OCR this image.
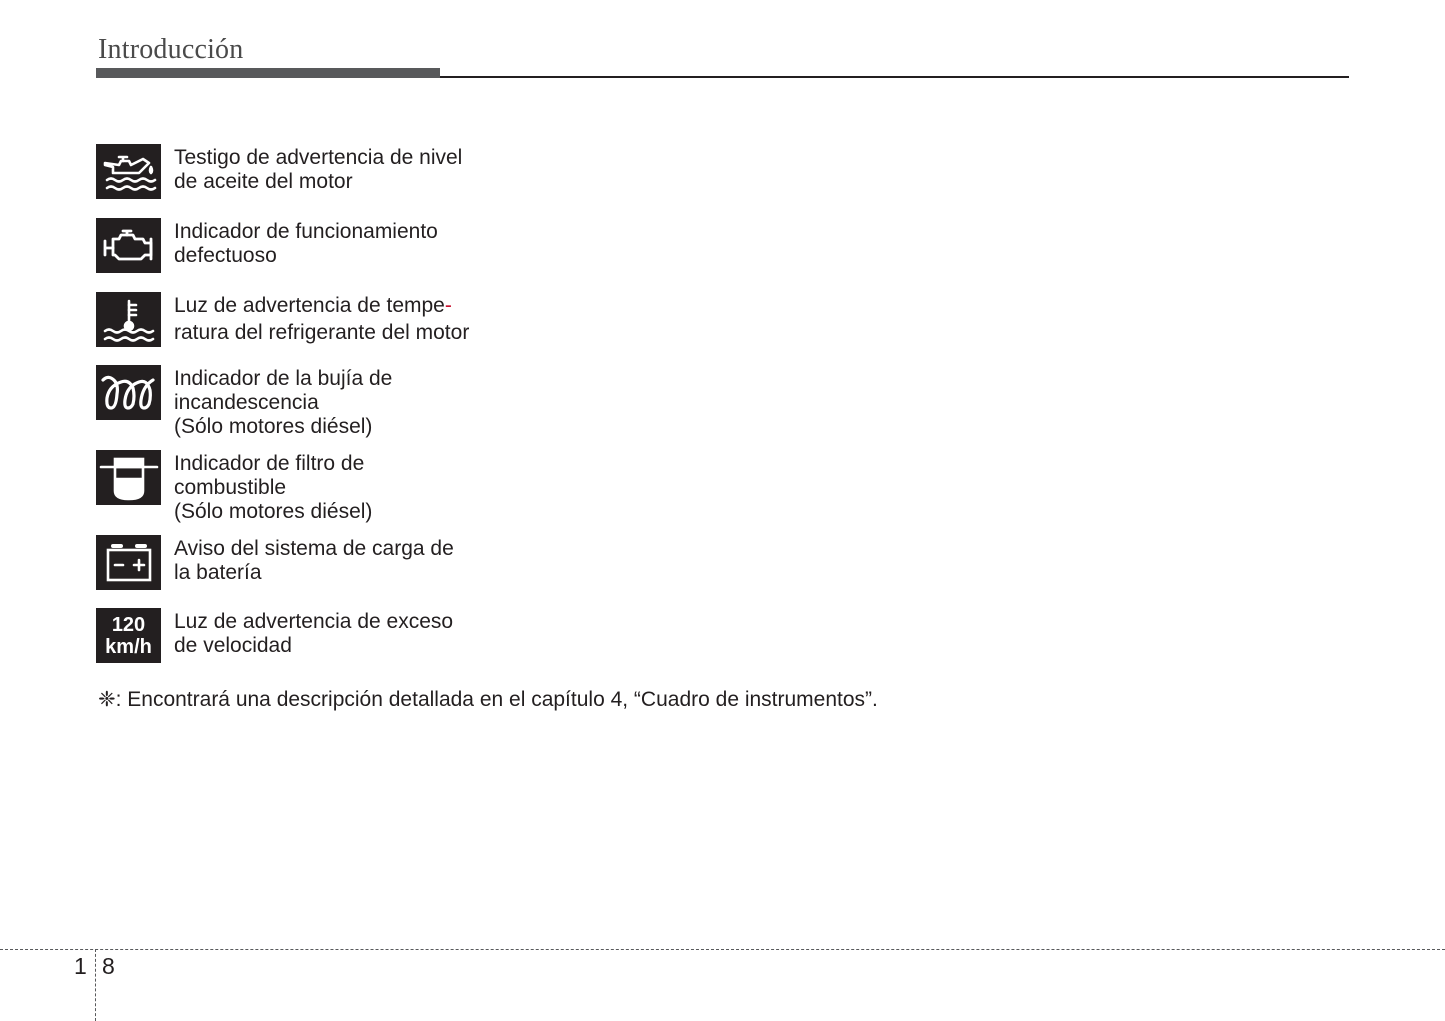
Introducción
Testigo de advertencia de nivel
de aceite del motor
Indicador de funcionamiento
defectuoso
Luz de advertencia de tempe-
ratura del refrigerante del motor
Indicador de la bujía de
incandescencia
(Sólo motores diésel)
Indicador de filtro de
combustible
(Sólo motores diésel)
Aviso del sistema de carga de
la batería
120
km/h
Luz de advertencia de exceso
de velocidad
❈: Encontrará una descripción detallada en el capítulo 4, “Cuadro de instrumentos”.
1 8
